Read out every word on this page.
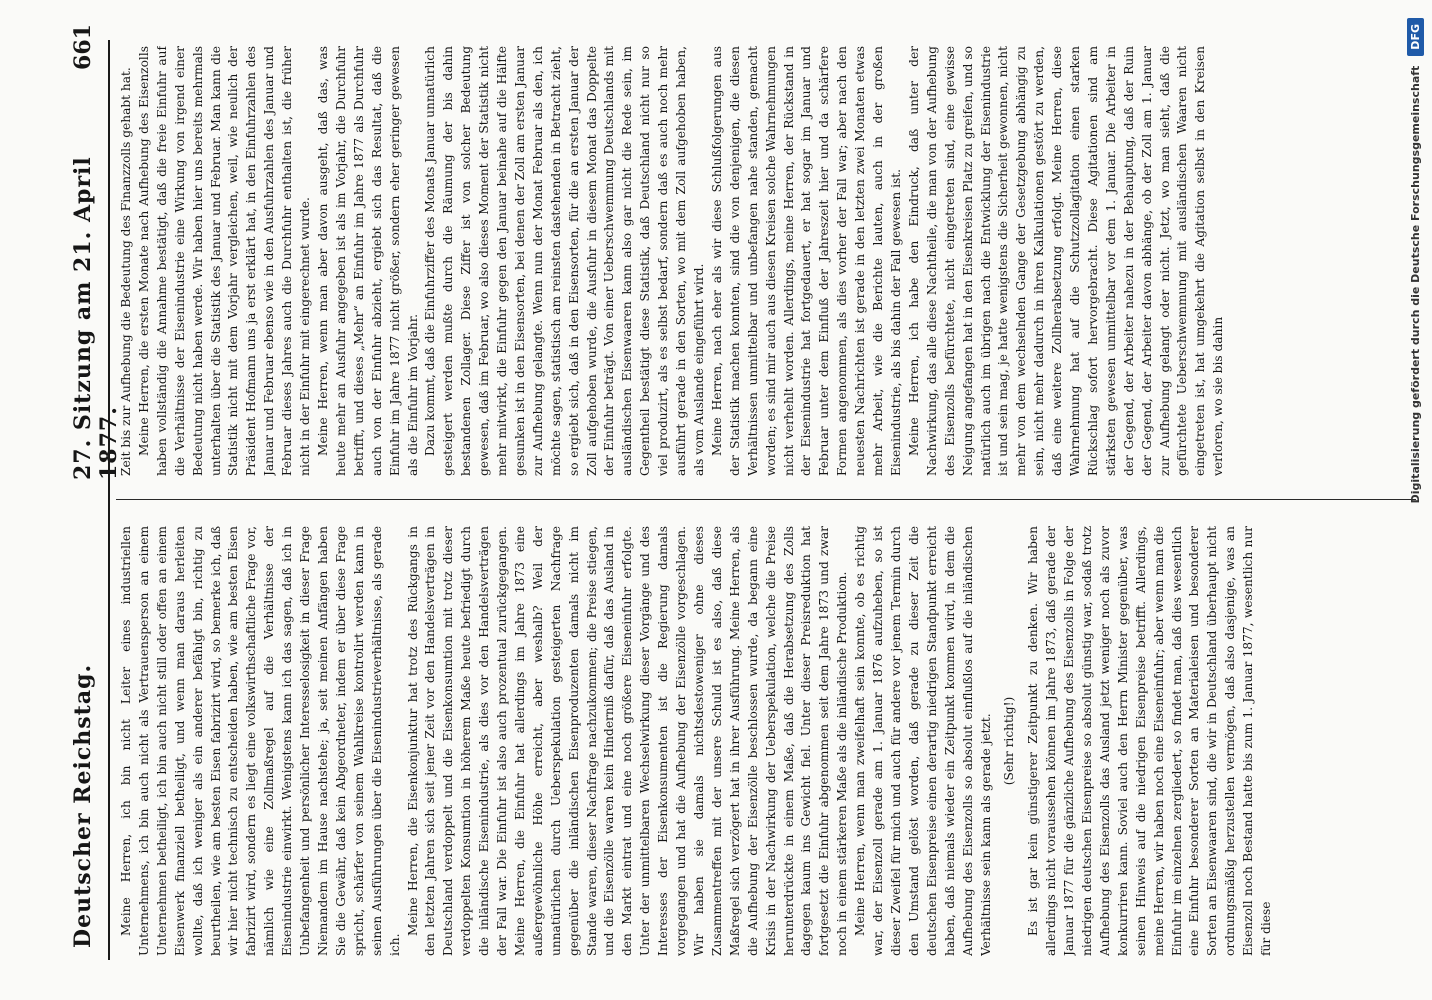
Deutscher Reichstag.
27. Sitzung am 21. April 1877.
661

Meine Herren, ich bin nicht Leiter eines industriellen Unternehmens, ich bin auch nicht als Vertrauensperson an einem Unternehmen betheiligt, ich bin auch nicht still oder offen an einem Eisenwerk finanziell betheiligt, und wenn man daraus herleiten wollte, daß ich weniger als ein anderer befähigt bin, richtig zu beurtheilen, wie am besten Eisen fabrizirt wird, so bemerke ich, daß wir hier nicht technisch zu entscheiden haben, wie am besten Eisen fabrizirt wird, sondern es liegt eine volkswirthschaftliche Frage vor, nämlich wie eine Zollmaßregel auf die Verhältnisse der Eisenindustrie einwirkt. Wenigstens kann ich das sagen, daß ich in Unbefangenheit und persönlicher Interesselosigkeit in dieser Frage Niemandem im Hause nachstehe; ja, seit meinen Anfängen haben Sie die Gewähr, daß kein Abgeordneter, indem er über diese Frage spricht, schärfer von seinem Wahlkreise kontrolirt werden kann in seinen Ausführungen über die Eisenindustrieverhältnisse, als gerade ich.

Meine Herren, die Eisenkonjunktur hat trotz des Rückgangs in den letzten Jahren sich seit jener Zeit vor den Handelsverträgen in Deutschland verdoppelt und die Eisenkonsumtion mit trotz dieser verdoppelten Konsumtion in höherem Maße heute befriedigt durch die inländische Eisenindustrie, als dies vor den Handelsverträgen der Fall war. Die Einfuhr ist also auch prozentual zurückgegangen. Meine Herren, die Einfuhr hat allerdings im Jahre 1873 eine außergewöhnliche Höhe erreicht, aber weshalb? Weil der unnatürlichen durch Ueberspekulation gesteigerten Nachfrage gegenüber die inländischen Eisenproduzenten damals nicht im Stande waren, dieser Nachfrage nachzukommen; die Preise stiegen, und die Eisenzölle waren kein Hinderniß dafür, daß das Ausland in den Markt eintrat und eine noch größere Eiseneinfuhr erfolgte. Unter der unmittelbaren Wechselwirkung dieser Vorgänge und des Interesses der Eisenkonsumenten ist die Regierung damals vorgegangen und hat die Aufhebung der Eisenzölle vorgeschlagen. Wir haben sie damals nichtsdestoweniger ohne dieses Zusammentreffen mit der unsere Schuld ist es also, daß diese Maßregel sich verzögert hat in ihrer Ausführung. Meine Herren, als die Aufhebung der Eisenzölle beschlossen wurde, da begann eine Krisis in der Nachwirkung der Ueberspekulation, welche die Preise herunterdrückte in einem Maße, daß die Herabsetzung des Zolls dagegen kaum ins Gewicht fiel. Unter dieser Preisreduktion hat fortgesetzt die Einfuhr abgenommen seit dem Jahre 1873 und zwar noch in einem stärkeren Maße als die inländische Produktion. Meine Herren, wenn man zweifelhaft sein konnte, ob es richtig war, der Eisenzoll gerade am 1. Januar 1876 aufzuheben, so ist dieser Zweifel für mich und auch für andere vor jenem Termin durch den Umstand gelöst worden, daß gerade zu dieser Zeit die deutschen Eisenpreise einen derartig niedrigen Standpunkt erreicht haben, daß niemals wieder ein Zeitpunkt kommen wird, in dem die Aufhebung des Eisenzolls so absolut einflußlos auf die inländischen Verhältnisse sein kann als gerade jetzt. (Sehr richtig!) Es ist gar kein günstigerer Zeitpunkt zu denken. Wir haben allerdings nicht voraussehen können im Jahre 1873, daß gerade der Januar 1877 für die gänzliche Aufhebung des Eisenzolls in Folge der niedrigen deutschen Eisenpreise so absolut günstig war, sodaß trotz Aufhebung des Eisenzolls das Ausland jetzt weniger noch als zuvor konkurriren kann. Soviel auch den Herrn Minister gegenüber, was seinen Hinweis auf die niedrigen Eisenpreise betrifft. Allerdings, meine Herren, wir haben noch eine Eiseneinfuhr; aber wenn man die Einfuhr im einzelnen zergliedert, so findet man, daß dies wesentlich eine Einfuhr besonderer Sorten an Materialeisen und besonderer Sorten an Eisenwaaren sind, die wir in Deutschland überhaupt nicht ordnungsmäßig herzustellen vermögen, daß also dasjenige, was an Eisenzoll noch Bestand hatte bis zum 1. Januar 1877, wesentlich nur für diese

Zeit bis zur Aufhebung die Bedeutung des Finanzzolls gehabt hat. Meine Herren, die ersten Monate nach Aufhebung des Eisenzolls haben vollständig die Annahme bestätigt, daß die freie Einfuhr auf die Verhältnisse der Eisenindustrie eine Wirkung von irgend einer Bedeutung nicht haben werde. Wir haben hier uns bereits mehrmals unterhalten über die Statistik des Januar und Februar. Man kann die Statistik nicht mit dem Vorjahr vergleichen, weil, wie neulich der Präsident Hofmann uns ja erst erklärt hat, in den Einfuhrzahlen des Januar und Februar ebenso wie in den Ausfuhrzahlen des Januar und Februar dieses Jahres auch die Durchfuhr enthalten ist, die früher nicht in der Einfuhr mit eingerechnet wurde. Meine Herren, wenn man aber davon ausgeht, daß das, was heute mehr an Ausfuhr angegeben ist als im Vorjahr, die Durchfuhr betrifft, und dieses „Mehr“ an Einfuhr im Jahre 1877 als Durchfuhr auch von der Einfuhr abzieht, ergiebt sich das Resultat, daß die Einfuhr im Jahre 1877 nicht größer, sondern eher geringer gewesen als die Einfuhr im Vorjahr. Dazu kommt, daß die Einfuhrziffer des Monats Januar unnatürlich gesteigert werden mußte durch die Räumung der bis dahin bestandenen Zollager. Diese Ziffer ist von solcher Bedeutung gewesen, daß im Februar, wo also dieses Moment der Statistik nicht mehr mitwirkt, die Einfuhr gegen den Januar beinahe auf die Hälfte gesunken ist in den Eisensorten, bei denen der Zoll am ersten Januar zur Aufhebung gelangte. Wenn nun der Monat Februar als den, ich möchte sagen, statistisch am reinsten dastehenden in Betracht zieht, so ergiebt sich, daß in den Eisensorten, für die an ersten Januar der Zoll aufgehoben wurde, die Ausfuhr in diesem Monat das Doppelte der Einfuhr beträgt. Von einer Ueberschwemmung Deutschlands mit ausländischen Eisenwaaren kann also gar nicht die Rede sein, im Gegentheil bestätigt diese Statistik, daß Deutschland nicht nur so viel produzirt, als es selbst bedarf, sondern daß es auch noch mehr ausführt gerade in den Sorten, wo mit dem Zoll aufgehoben haben, als vom Auslande eingeführt wird. Meine Herren, nach eher als wir diese Schlußfolgerungen aus der Statistik machen konnten, sind die von denjenigen, die diesen Verhältnissen unmittelbar und unbefangen nahe standen, gemacht worden; es sind mir auch aus diesen Kreisen solche Wahrnehmungen nicht verhehlt worden. Allerdings, meine Herren, der Rückstand in der Eisenindustrie hat fortgedauert, er hat sogar im Januar und Februar unter dem Einfluß der Jahreszeit hier und da schärfere Formen angenommen, als dies vorher der Fall war; aber nach den neuesten Nachrichten ist gerade in den letzten zwei Monaten etwas mehr Arbeit, wie die Berichte lauten, auch in der großen Eisenindustrie, als bis dahin der Fall gewesen ist. Meine Herren, ich habe den Eindruck, daß unter der Nachwirkung, das alle diese Nachtheile, die man von der Aufhebung des Eisenzolls befürchtete, nicht eingetreten sind, eine gewisse Neigung angefangen hat in den Eisenkreisen Platz zu greifen, und so natürlich auch im übrigen nach die Entwicklung der Eisenindustrie ist und sein mag, je hatte wenigstens die Sicherheit gewonnen, nicht mehr von dem wechselnden Gange der Gesetzgebung abhängig zu sein, nicht mehr dadurch in ihren Kalkulationen gestört zu werden, daß eine weitere Zollherabsetzung erfolgt. Meine Herren, diese Wahrnehmung hat auf die Schutzzollagitation einen starken Rückschlag sofort hervorgebracht. Diese Agitationen sind am stärksten gewesen unmittelbar vor dem 1. Januar. Die Arbeiter in der Gegend, der Arbeiter nahezu in der Behauptung, daß der Ruin der Gegend, der Arbeiter davon abhänge, ob der Zoll am 1. Januar zur Aufhebung gelangt oder nicht. Jetzt, wo man sieht, daß die gefürchtete Ueberschwemmung mit ausländischen Waaren nicht eingetreten ist, hat umgekehrt die Agitation selbst in den Kreisen verloren, wo sie bis dahin	Digitalisierung gefördert durch die Deutsche Forschungsgemeinschaft
DFG
